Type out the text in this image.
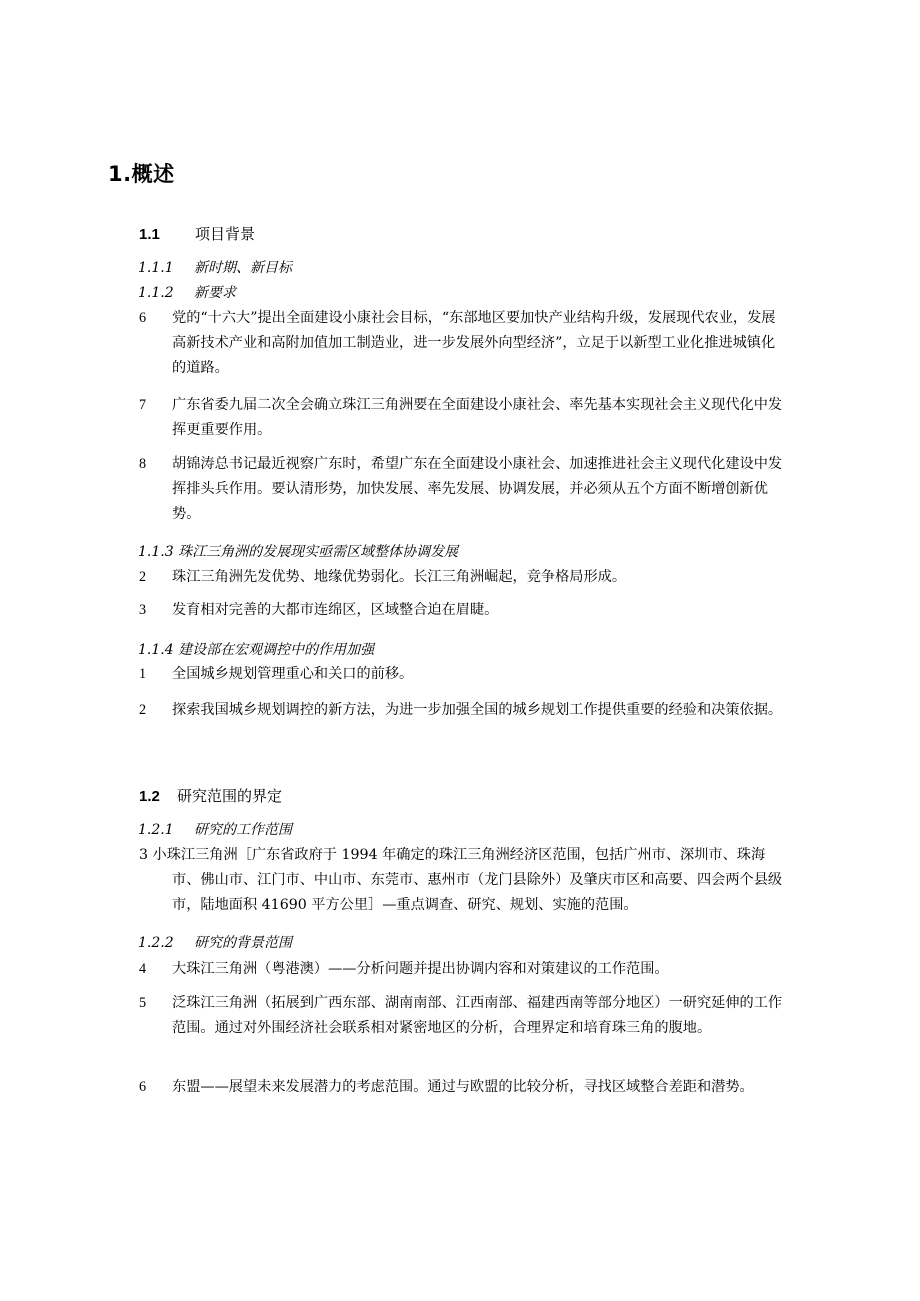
1.概述
1.1 项目背景
1.1.1 新时期、新目标
1.1.2 新要求
6	党的“十六大”提出全面建设小康社会目标，“东部地区要加快产业结构升级，发展现代农业，发展高新技术产业和高附加值加工制造业，进一步发展外向型经济”，立足于以新型工业化推进城镇化的道路。
7	广东省委九届二次全会确立珠江三角洲要在全面建设小康社会、率先基本实现社会主义现代化中发挥更重要作用。
8	胡锦涛总书记最近视察广东时，希望广东在全面建设小康社会、加速推进社会主义现代化建设中发挥排头兵作用。要认清形势，加快发展、率先发展、协调发展，并必须从五个方面不断增创新优势。
1.1.3 珠江三角洲的发展现实亟需区域整体协调发展
2	珠江三角洲先发优势、地缘优势弱化。长江三角洲崛起，竞争格局形成。
3	发育相对完善的大都市连绵区，区域整合迫在眉睫。
1.1.4 建设部在宏观调控中的作用加强
1	全国城乡规划管理重心和关口的前移。
2	探索我国城乡规划调控的新方法，为进一步加强全国的城乡规划工作提供重要的经验和决策依据。
1.2 研究范围的界定
1.2.1 研究的工作范围
3 小珠江三角洲［广东省政府于 1994 年确定的珠江三角洲经济区范围，包括广州市、深圳市、珠海市、佛山市、江门市、中山市、东莞市、惠州市（龙门县除外）及肇庆市区和高要、四会两个县级市，陆地面积 41690 平方公里］—重点调查、研究、规划、实施的范围。
1.2.2 研究的背景范围
4	大珠江三角洲（粤港澳）——分析问题并提出协调内容和对策建议的工作范围。
5	泛珠江三角洲（拓展到广西东部、湖南南部、江西南部、福建西南等部分地区）一研究延伸的工作范围。通过对外围经济社会联系相对紧密地区的分析，合理界定和培育珠三角的腹地。
6	东盟——展望未来发展潜力的考虑范围。通过与欧盟的比较分析，寻找区域整合差距和潜势。
